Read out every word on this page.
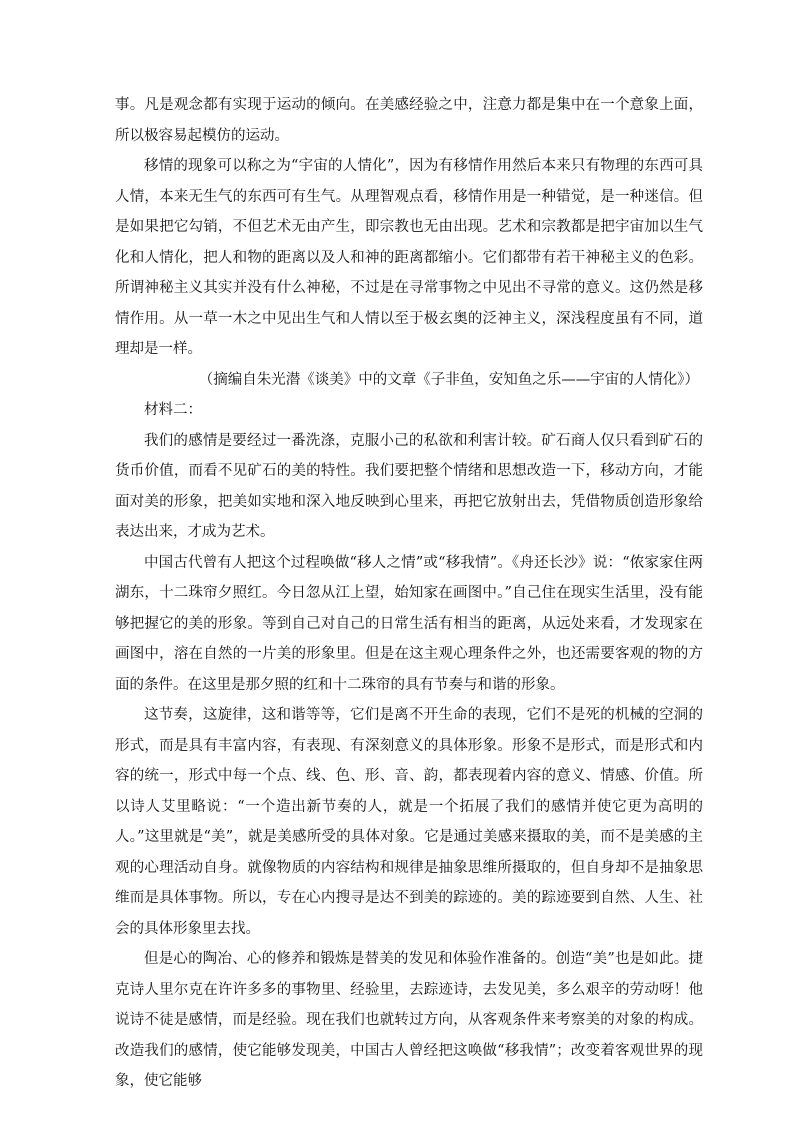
事。凡是观念都有实现于运动的倾向。在美感经验之中，注意力都是集中在一个意象上面，所以极容易起模仿的运动。

移情的现象可以称之为“宇宙的人情化”，因为有移情作用然后本来只有物理的东西可具人情，本来无生气的东西可有生气。从理智观点看，移情作用是一种错觉，是一种迷信。但是如果把它勾销，不但艺术无由产生，即宗教也无由出现。艺术和宗教都是把宇宙加以生气化和人情化，把人和物的距离以及人和神的距离都缩小。它们都带有若干神秘主义的色彩。所谓神秘主义其实并没有什么神秘，不过是在寻常事物之中见出不寻常的意义。这仍然是移情作用。从一草一木之中见出生气和人情以至于极玄奥的泛神主义，深浅程度虽有不同，道理却是一样。

（摘编自朱光潜《谈美》中的文章《子非鱼，安知鱼之乐——宇宙的人情化》）

材料二：

我们的感情是要经过一番洗涤，克服小己的私欲和利害计较。矿石商人仅只看到矿石的货币价值，而看不见矿石的美的特性。我们要把整个情绪和思想改造一下，移动方向，才能面对美的形象，把美如实地和深入地反映到心里来，再把它放射出去，凭借物质创造形象给表达出来，才成为艺术。

中国古代曾有人把这个过程唤做“移人之情”或“移我情”。《舟还长沙》说：“侬家家住两湖东，十二珠帘夕照红。今日忽从江上望，始知家在画图中。”自己住在现实生活里，没有能够把握它的美的形象。等到自己对自己的日常生活有相当的距离，从远处来看，才发现家在画图中，溶在自然的一片美的形象里。但是在这主观心理条件之外，也还需要客观的物的方面的条件。在这里是那夕照的红和十二珠帘的具有节奏与和谐的形象。

这节奏，这旋律，这和谐等等，它们是离不开生命的表现，它们不是死的机械的空洞的形式，而是具有丰富内容，有表现、有深刻意义的具体形象。形象不是形式，而是形式和内容的统一，形式中每一个点、线、色、形、音、韵，都表现着内容的意义、情感、价值。所以诗人艾里略说：“一个造出新节奏的人，就是一个拓展了我们的感情并使它更为高明的人。”这里就是“美”，就是美感所受的具体对象。它是通过美感来摄取的美，而不是美感的主观的心理活动自身。就像物质的内容结构和规律是抽象思维所摄取的，但自身却不是抽象思维而是具体事物。所以，专在心内搜寻是达不到美的踪迹的。美的踪迹要到自然、人生、社会的具体形象里去找。

但是心的陶冶、心的修养和锻炼是替美的发见和体验作准备的。创造“美”也是如此。捷克诗人里尔克在许许多多的事物里、经验里，去踪迹诗，去发见美，多么艰辛的劳动呀！他说诗不徒是感情，而是经验。现在我们也就转过方向，从客观条件来考察美的对象的构成。改造我们的感情，使它能够发现美，中国古人曾经把这唤做“移我情”；改变着客观世界的现象，使它能够
